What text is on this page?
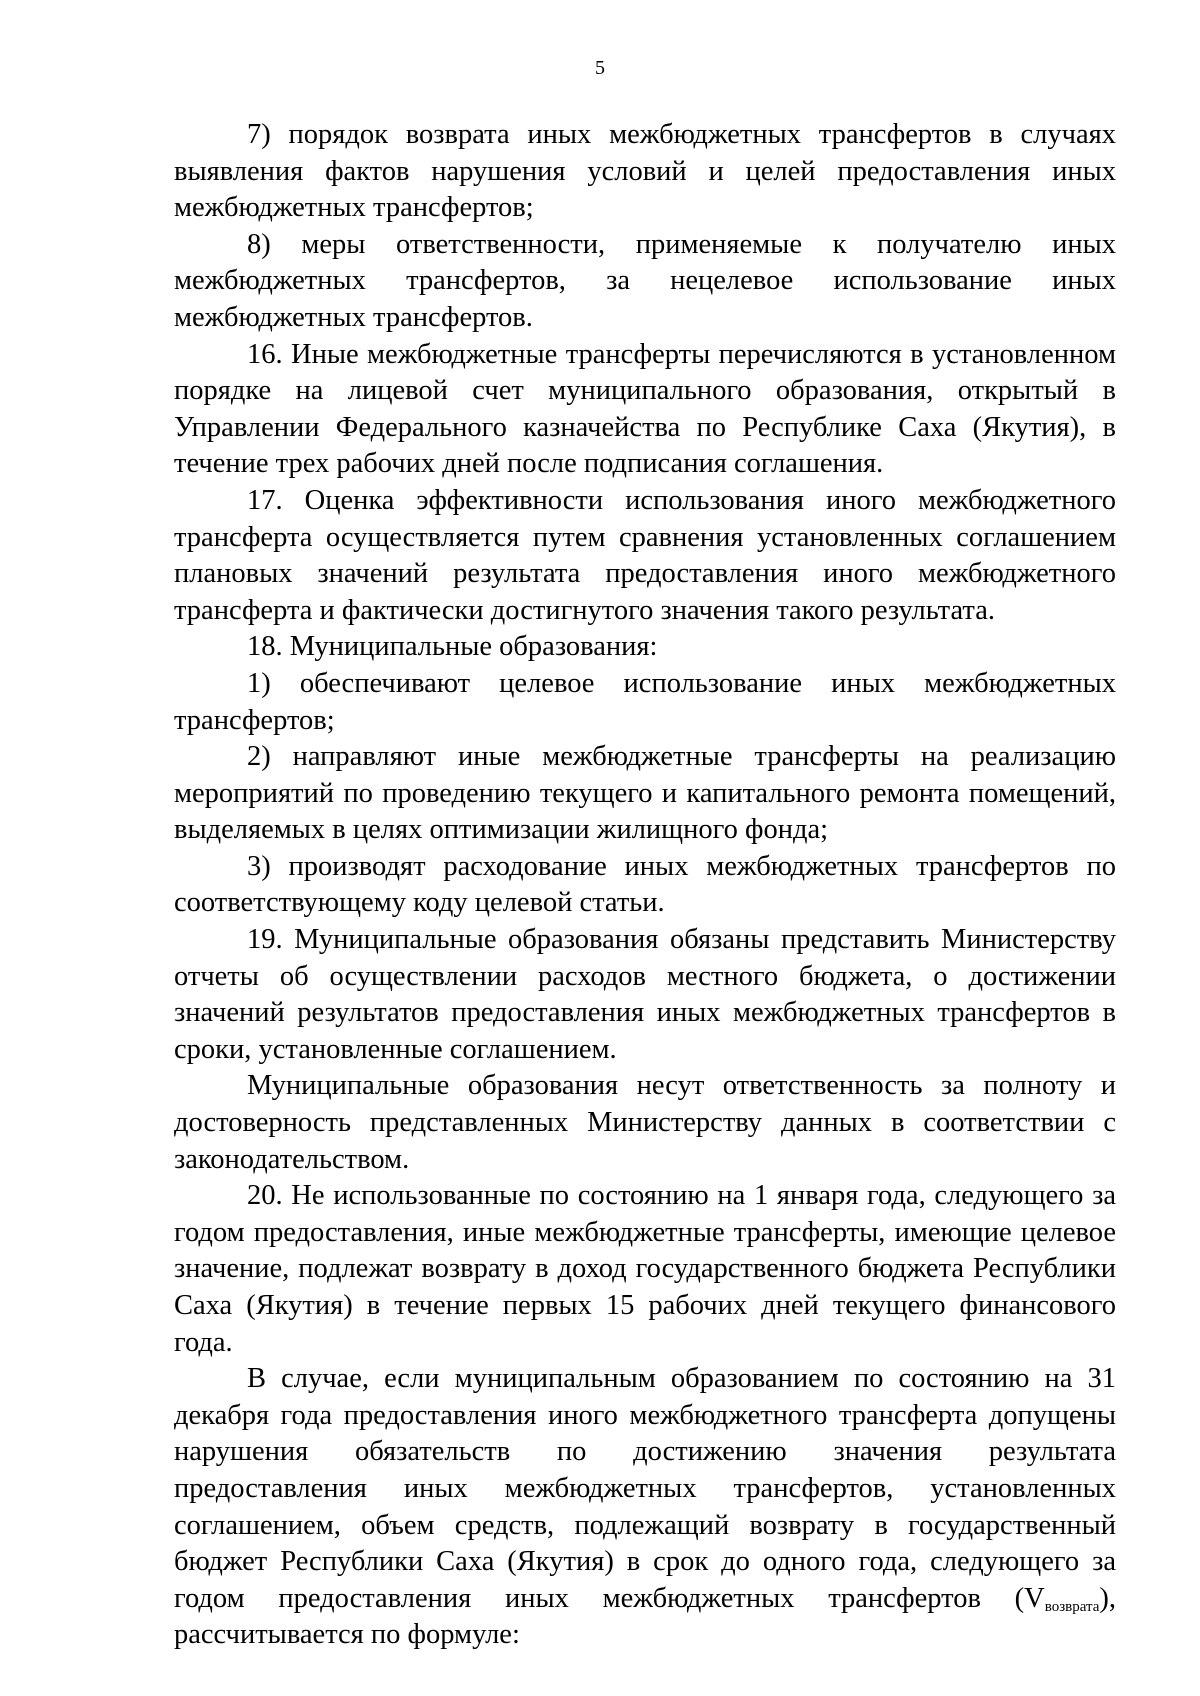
5

7) порядок возврата иных межбюджетных трансфертов в случаях выявления фактов нарушения условий и целей предоставления иных межбюджетных трансфертов;

8) меры ответственности, применяемые к получателю иных межбюджетных трансфертов, за нецелевое использование иных межбюджетных трансфертов.

16. Иные межбюджетные трансферты перечисляются в установленном порядке на лицевой счет муниципального образования, открытый в Управлении Федерального казначейства по Республике Саха (Якутия), в течение трех рабочих дней после подписания соглашения.

17. Оценка эффективности использования иного межбюджетного трансферта осуществляется путем сравнения установленных соглашением плановых значений результата предоставления иного межбюджетного трансферта и фактически достигнутого значения такого результата.

18. Муниципальные образования:

1) обеспечивают целевое использование иных межбюджетных трансфертов;

2) направляют иные межбюджетные трансферты на реализацию мероприятий по проведению текущего и капитального ремонта помещений, выделяемых в целях оптимизации жилищного фонда;

3) производят расходование иных межбюджетных трансфертов по соответствующему коду целевой статьи.

19. Муниципальные образования обязаны представить Министерству отчеты об осуществлении расходов местного бюджета, о достижении значений результатов предоставления иных межбюджетных трансфертов в сроки, установленные соглашением.

Муниципальные образования несут ответственность за полноту и достоверность представленных Министерству данных в соответствии с законодательством.

20. Не использованные по состоянию на 1 января года, следующего за годом предоставления, иные межбюджетные трансферты, имеющие целевое значение, подлежат возврату в доход государственного бюджета Республики Саха (Якутия) в течение первых 15 рабочих дней текущего финансового года.

В случае, если муниципальным образованием по состоянию на 31 декабря года предоставления иного межбюджетного трансферта допущены нарушения обязательств по достижению значения результата предоставления иных межбюджетных трансфертов, установленных соглашением, объем средств, подлежащий возврату в государственный бюджет Республики Саха (Якутия) в срок до одного года, следующего за годом предоставления иных межбюджетных трансфертов $(V_{возврата})$, рассчитывается по формуле:
